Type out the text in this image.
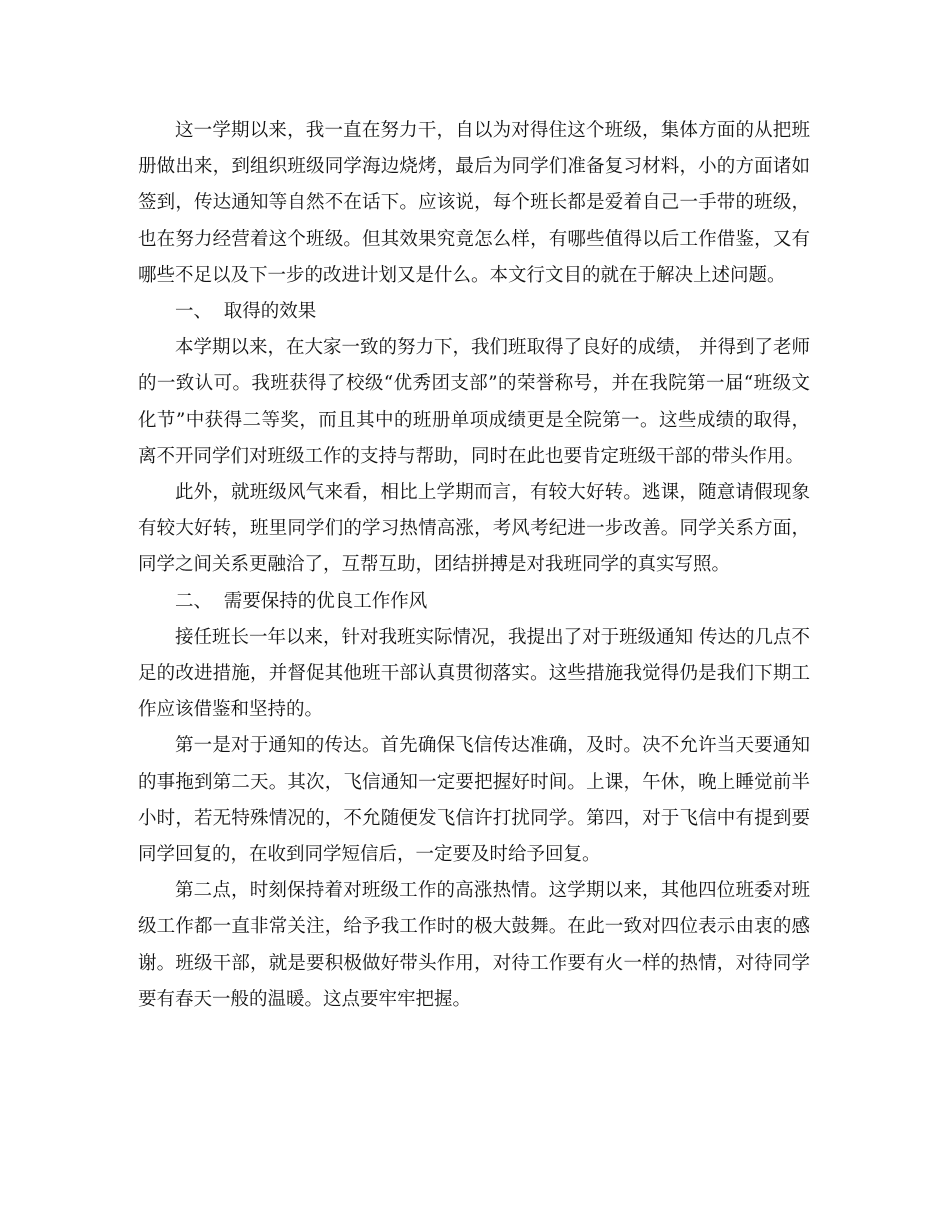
这一学期以来，我一直在努力干，自以为对得住这个班级，集体方面的从把班册做出来，到组织班级同学海边烧烤，最后为同学们准备复习材料，小的方面诸如签到，传达通知等自然不在话下。应该说，每个班长都是爱着自己一手带的班级，也在努力经营着这个班级。但其效果究竟怎么样，有哪些值得以后工作借鉴，又有哪些不足以及下一步的改进计划又是什么。本文行文目的就在于解决上述问题。

一、  取得的效果

本学期以来，在大家一致的努力下，我们班取得了良好的成绩， 并得到了老师的一致认可。我班获得了校级“优秀团支部”的荣誉称号，并在我院第一届“班级文化节”中获得二等奖，而且其中的班册单项成绩更是全院第一。这些成绩的取得，离不开同学们对班级工作的支持与帮助，同时在此也要肯定班级干部的带头作用。

此外，就班级风气来看，相比上学期而言，有较大好转。逃课，随意请假现象有较大好转，班里同学们的学习热情高涨，考风考纪进一步改善。同学关系方面，同学之间关系更融洽了，互帮互助，团结拼搏是对我班同学的真实写照。

二、  需要保持的优良工作作风

接任班长一年以来，针对我班实际情况，我提出了对于班级通知 传达的几点不足的改进措施，并督促其他班干部认真贯彻落实。这些措施我觉得仍是我们下期工作应该借鉴和坚持的。

第一是对于通知的传达。首先确保飞信传达准确，及时。决不允许当天要通知的事拖到第二天。其次，飞信通知一定要把握好时间。上课，午休，晚上睡觉前半小时，若无特殊情况的，不允随便发飞信许打扰同学。第四，对于飞信中有提到要同学回复的，在收到同学短信后，一定要及时给予回复。

第二点，时刻保持着对班级工作的高涨热情。这学期以来，其他四位班委对班级工作都一直非常关注，给予我工作时的极大鼓舞。在此一致对四位表示由衷的感谢。班级干部，就是要积极做好带头作用，对待工作要有火一样的热情，对待同学要有春天一般的温暖。这点要牢牢把握。
